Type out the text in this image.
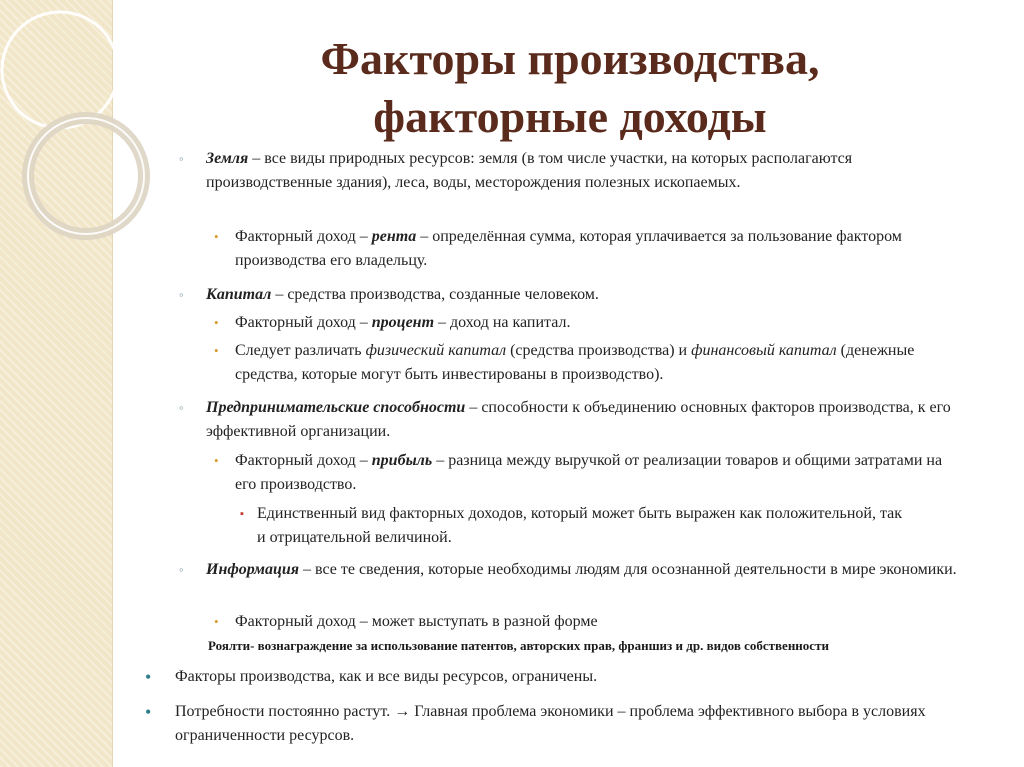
Факторы производства,
факторные доходы
◦ Земля – все виды природных ресурсов: земля (в том числе участки, на которых располагаются производственные здания), леса, воды, месторождения полезных ископаемых.
• Факторный доход – рента – определённая сумма, которая уплачивается за пользование фактором производства его владельцу.
◦ Капитал – средства производства, созданные человеком.
• Факторный доход – процент – доход на капитал.
• Следует различать физический капитал (средства производства) и финансовый капитал (денежные средства, которые могут быть инвестированы в производство).
◦ Предпринимательские способности – способности к объединению основных факторов производства, к его эффективной организации.
• Факторный доход – прибыль – разница между выручкой от реализации товаров и общими затратами на его производство.
▪ Единственный вид факторных доходов, который может быть выражен как положительной, так и отрицательной величиной.
◦ Информация – все те сведения, которые необходимы людям для осознанной деятельности в мире экономики.
• Факторный доход – может выступать в разной форме
Роялти- вознаграждение за использование патентов, авторских прав, франшиз и др. видов собственности
• Факторы производства, как и все виды ресурсов, ограничены.
• Потребности постоянно растут. → Главная проблема экономики – проблема эффективного выбора в условиях ограниченности ресурсов.
